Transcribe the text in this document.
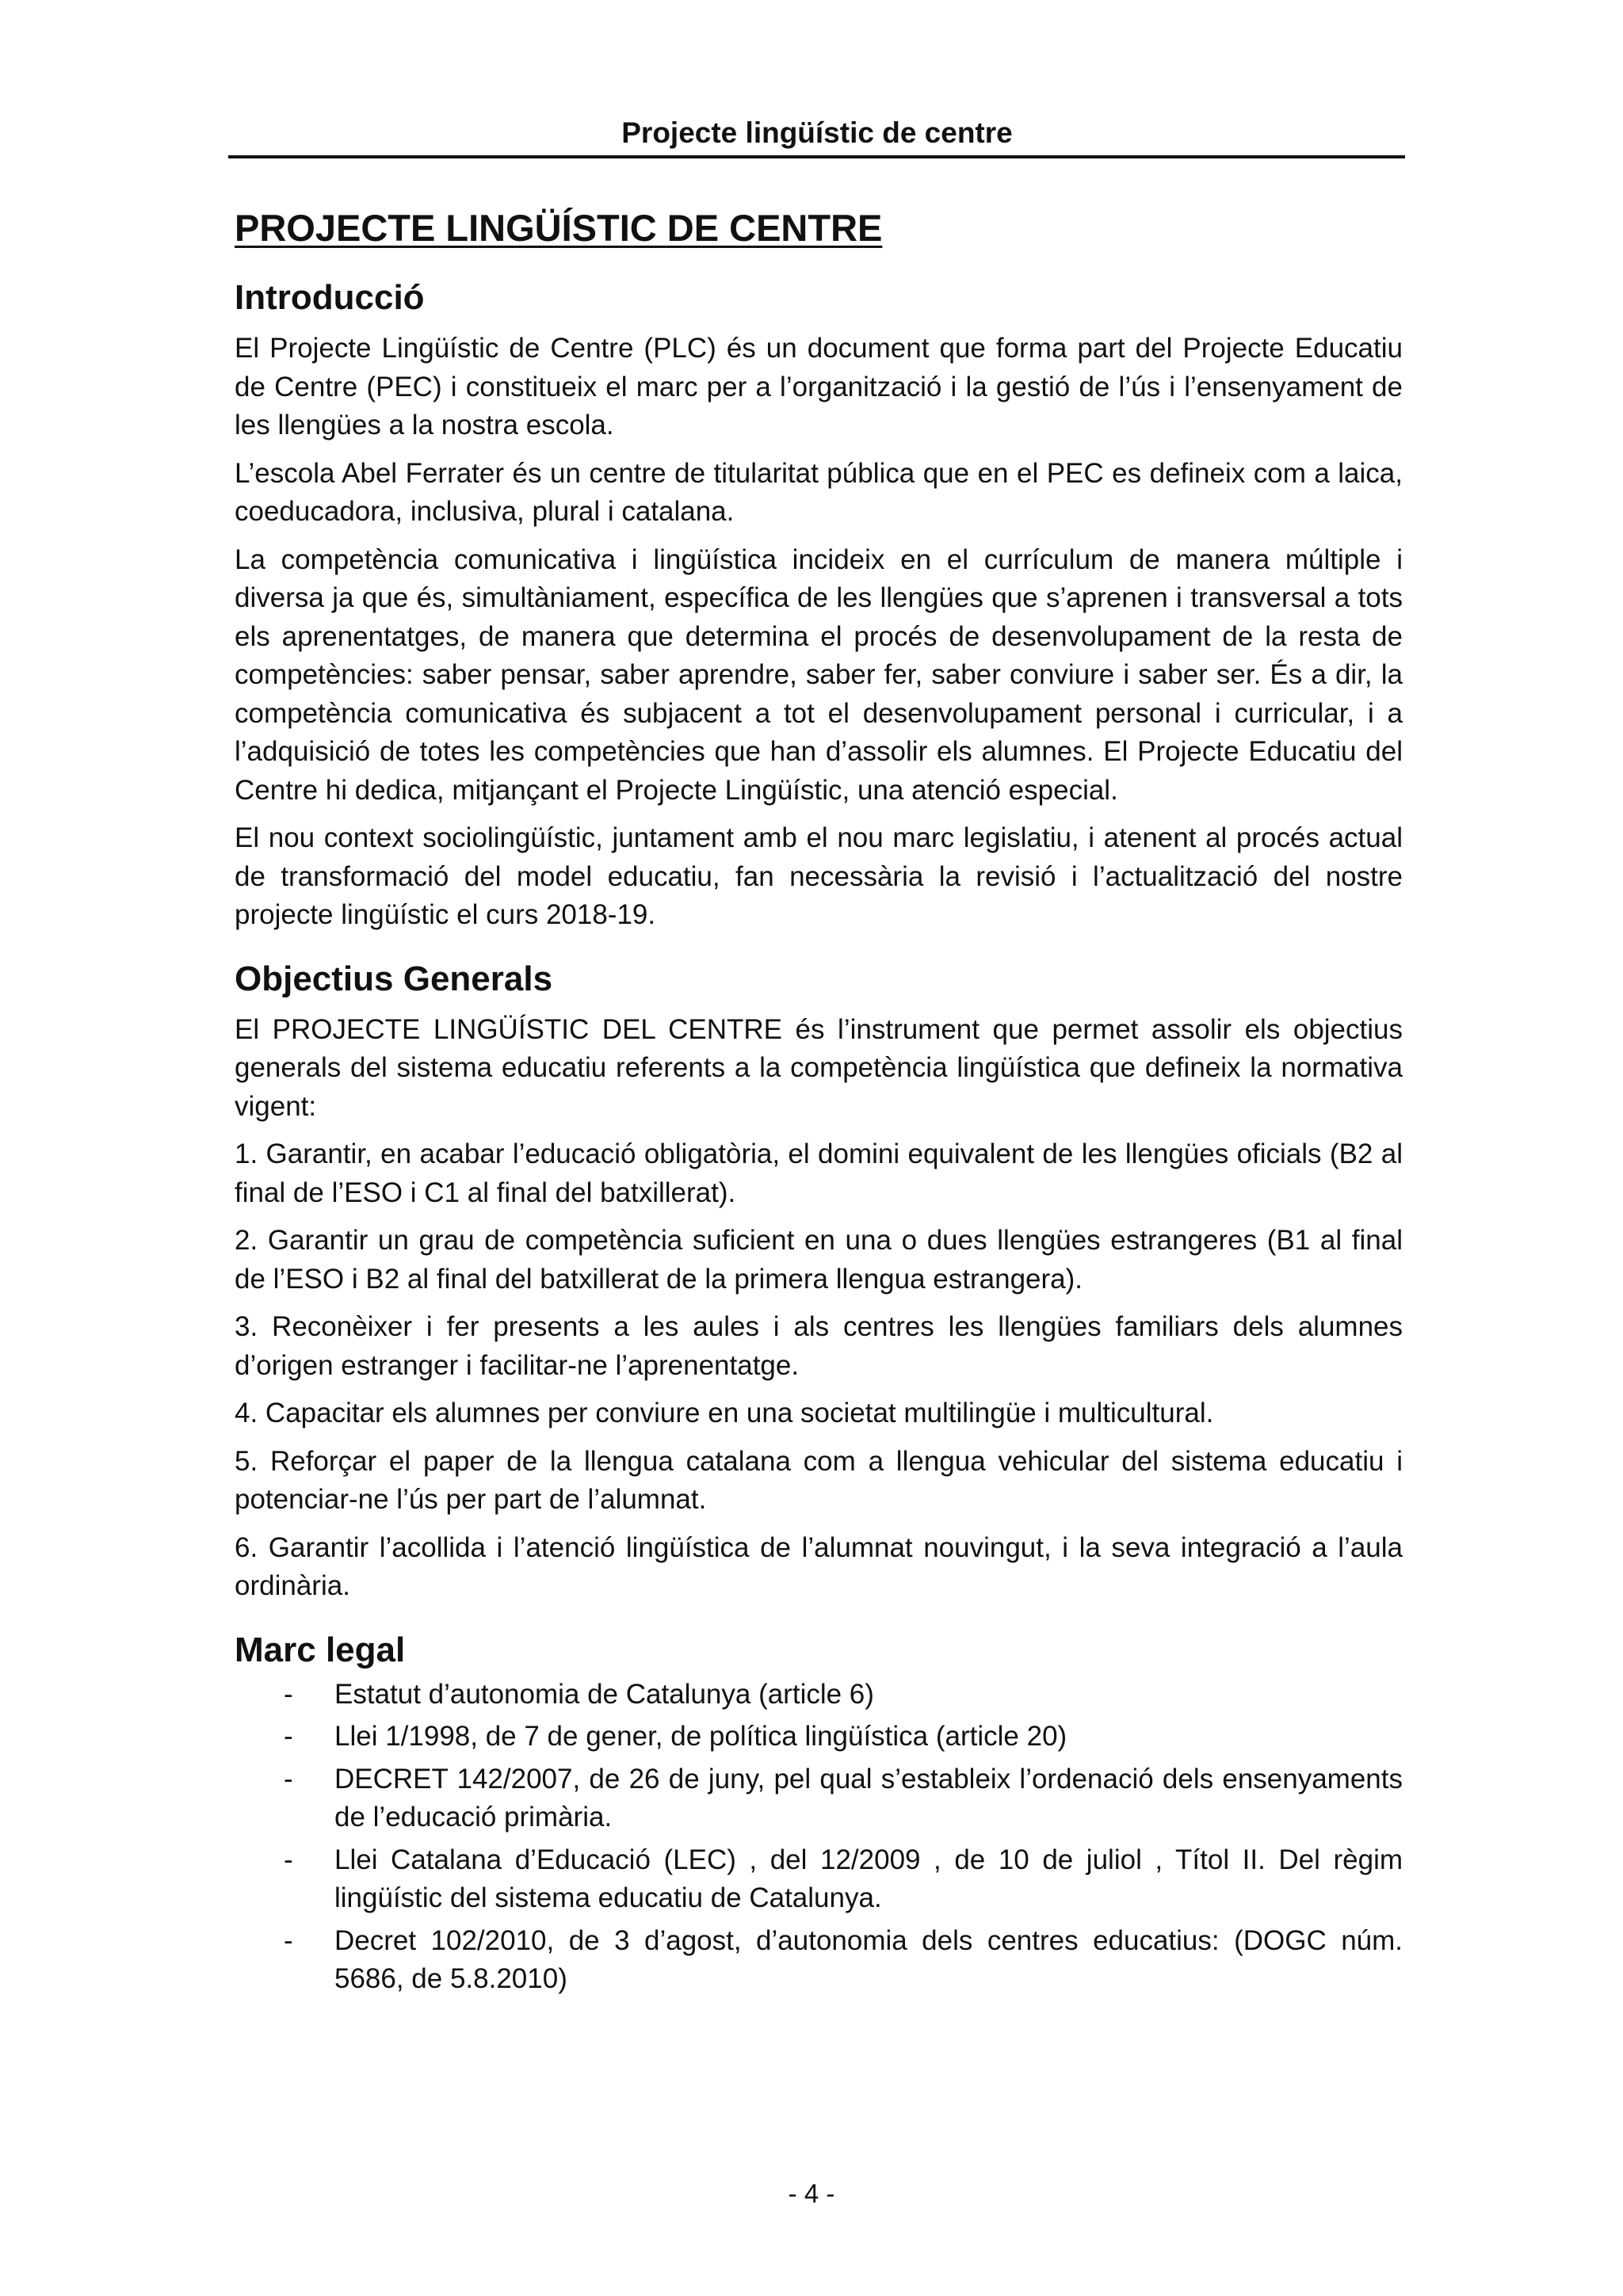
Projecte lingüístic de centre
PROJECTE LINGÜÍSTIC DE CENTRE
Introducció

El Projecte Lingüístic de Centre (PLC) és un document que forma part del Projecte Educatiu de Centre (PEC) i constitueix el marc per a l’organització i la gestió de l’ús i l’ensenyament de les llengües a la nostra escola.

L’escola Abel Ferrater és un centre de titularitat pública que en el PEC es defineix com a laica, coeducadora, inclusiva, plural i catalana.

La competència comunicativa i lingüística incideix en el currículum de manera múltiple i diversa ja que és, simultàniament, específica de les llengües que s’aprenen i transversal a tots els aprenentatges, de manera que determina el procés de desenvolupament de la resta de competències: saber pensar, saber aprendre, saber fer, saber conviure i saber ser. És a dir, la competència comunicativa és subjacent a tot el desenvolupament personal i curricular, i a l’adquisició de totes les competències que han d’assolir els alumnes. El Projecte Educatiu del Centre hi dedica, mitjançant el Projecte Lingüístic, una atenció especial.

El nou context sociolingüístic, juntament amb el nou marc legislatiu, i atenent al procés actual de transformació del model educatiu, fan necessària la revisió i l’actualització del nostre projecte lingüístic el curs 2018-19.

Objectius Generals

El PROJECTE LINGÜÍSTIC DEL CENTRE és l’instrument que permet assolir els objectius generals del sistema educatiu referents a la competència lingüística que defineix la normativa vigent:

1. Garantir, en acabar l’educació obligatòria, el domini equivalent de les llengües oficials (B2 al final de l’ESO i C1 al final del batxillerat).

2. Garantir un grau de competència suficient en una o dues llengües estrangeres (B1 al final de l’ESO i B2 al final del batxillerat de la primera llengua estrangera).

3. Reconèixer i fer presents a les aules i als centres les llengües familiars dels alumnes d’origen estranger i facilitar-ne l’aprenentatge.

4. Capacitar els alumnes per conviure en una societat multilingüe i multicultural.

5. Reforçar el paper de la llengua catalana com a llengua vehicular del sistema educatiu i potenciar-ne l’ús per part de l’alumnat.

6. Garantir l’acollida i l’atenció lingüística de l’alumnat nouvingut, i la seva integració a l’aula ordinària.

Marc legal
- Estatut d’autonomia de Catalunya (article 6)
- Llei 1/1998, de 7 de gener, de política lingüística (article 20)
- DECRET 142/2007, de 26 de juny, pel qual s’estableix l’ordenació dels ensenyaments de l’educació primària.
- Llei Catalana d’Educació (LEC) , del 12/2009 , de 10 de juliol , Títol II. Del règim lingüístic del sistema educatiu de Catalunya.
- Decret 102/2010, de 3 d’agost, d’autonomia dels centres educatius: (DOGC núm. 5686, de 5.8.2010)
- 4 -
